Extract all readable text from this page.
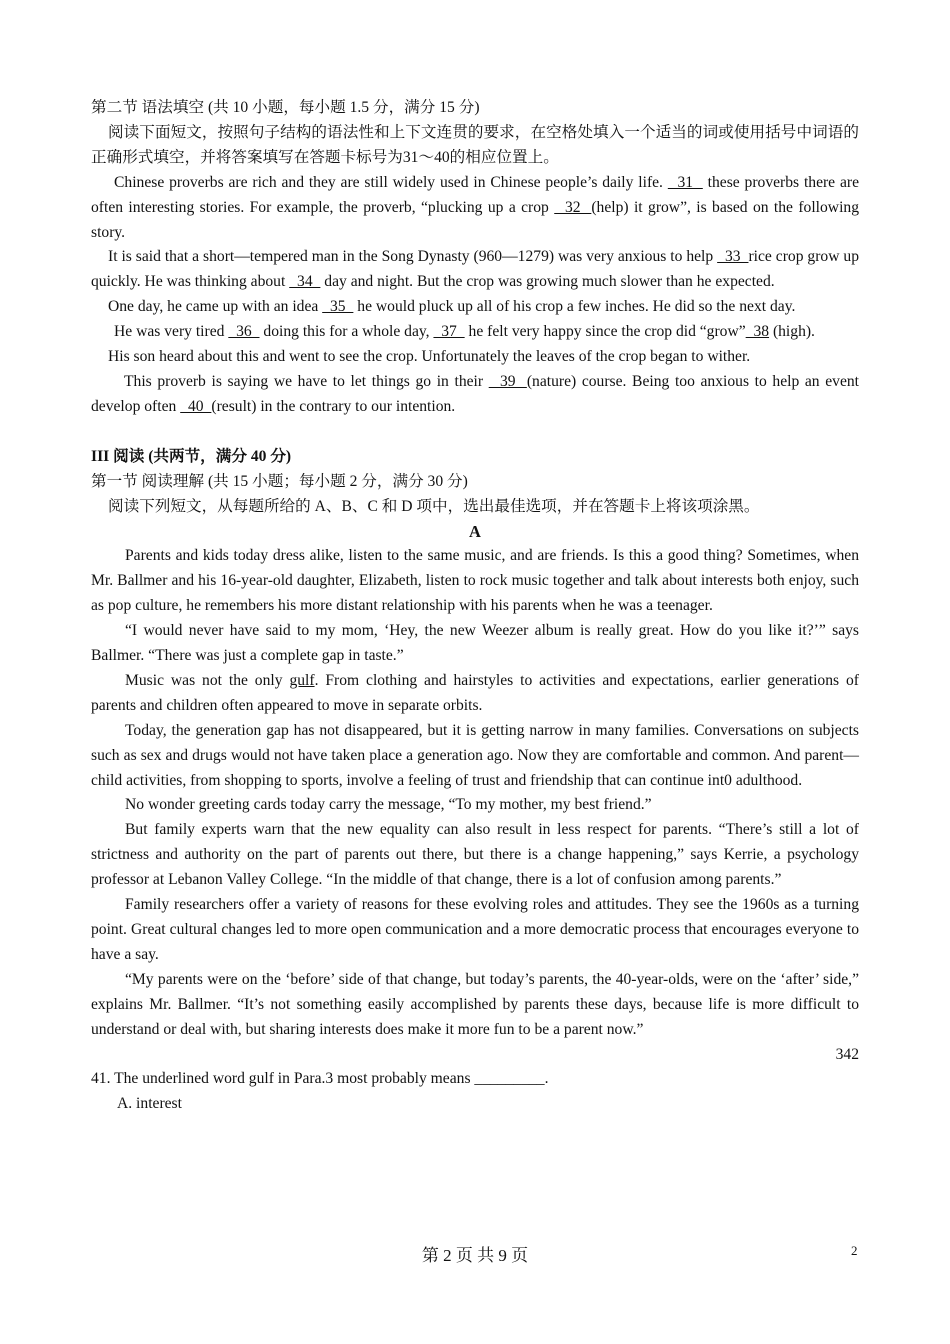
第二节 语法填空 (共 10 小题，每小题 1.5 分，满分 15 分)

阅读下面短文，按照句子结构的语法性和上下文连贯的要求，在空格处填入一个适当的词或使用括号中词语的正确形式填空，并将答案填写在答题卡标号为31～40的相应位置上。

Chinese proverbs are rich and they are still widely used in Chinese people’s daily life.   31   these proverbs there are often interesting stories. For example, the proverb, “plucking up a crop   32  (help) it grow”, is based on the following story.

It is said that a short—tempered man in the Song Dynasty (960—1279) was very anxious to help   33  rice crop grow up quickly. He was thinking about   34   day and night. But the crop was growing much slower than he expected.

One day, he came up with an idea   35   he would pluck up all of his crop a few inches. He did so the next day.

He was very tired   36   doing this for a whole day,   37   he felt very happy since the crop did “grow”  38 (high).

His son heard about this and went to see the crop. Unfortunately the leaves of the crop began to wither.

This proverb is saying we have to let things go in their   39  (nature) course. Being too anxious to help an event develop often   40  (result) in the contrary to our intention.

III 阅读 (共两节，满分 40 分)

第一节 阅读理解 (共 15 小题；每小题 2 分，满分 30 分)

阅读下列短文，从每题所给的 A、B、C 和 D 项中，选出最佳选项，并在答题卡上将该项涂黑。

A

Parents and kids today dress alike, listen to the same music, and are friends. Is this a good thing? Sometimes, when Mr. Ballmer and his 16-year-old daughter, Elizabeth, listen to rock music together and talk about interests both enjoy, such as pop culture, he remembers his more distant relationship with his parents when he was a teenager.

“I would never have said to my mom, ‘Hey, the new Weezer album is really great. How do you like it?’” says Ballmer. “There was just a complete gap in taste.”

Music was not the only gulf. From clothing and hairstyles to activities and expectations, earlier generations of parents and children often appeared to move in separate orbits.

Today, the generation gap has not disappeared, but it is getting narrow in many families. Conversations on subjects such as sex and drugs would not have taken place a generation ago. Now they are comfortable and common. And parent—child activities, from shopping to sports, involve a feeling of trust and friendship that can continue int0 adulthood.

No wonder greeting cards today carry the message, “To my mother, my best friend.”

But family experts warn that the new equality can also result in less respect for parents. “There’s still a lot of strictness and authority on the part of parents out there, but there is a change happening,” says Kerrie, a psychology professor at Lebanon Valley College. “In the middle of that change, there is a lot of confusion among parents.”

Family researchers offer a variety of reasons for these evolving roles and attitudes. They see the 1960s as a turning point. Great cultural changes led to more open communication and a more democratic process that encourages everyone to have a say.

“My parents were on the ‘before’ side of that change, but today’s parents, the 40-year-olds, were on the ‘after’ side,” explains Mr. Ballmer. “It’s not something easily accomplished by parents these days, because life is more difficult to understand or deal with, but sharing interests does make it more fun to be a parent now.”

342

41. The underlined word gulf in Para.3 most probably means _________.

A. interest

第 2 页 共 9 页	2
